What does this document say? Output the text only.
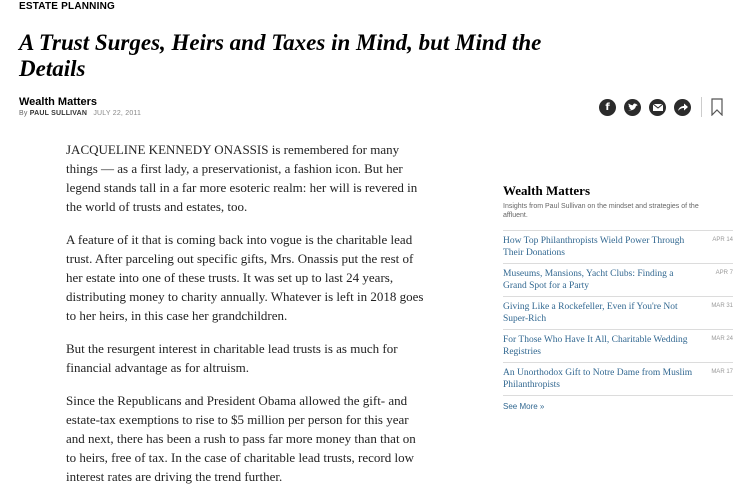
ESTATE PLANNING
A Trust Surges, Heirs and Taxes in Mind, but Mind the Details
Wealth Matters
By PAUL SULLIVAN JULY 22, 2011
f

JACQUELINE KENNEDY ONASSIS is remembered for many things — as a first lady, a preservationist, a fashion icon. But her legend stands tall in a far more esoteric realm: her will is revered in the world of trusts and estates, too.

A feature of it that is coming back into vogue is the charitable lead trust. After parceling out specific gifts, Mrs. Onassis put the rest of her estate into one of these trusts. It was set up to last 24 years, distributing money to charity annually. Whatever is left in 2018 goes to her heirs, in this case her grandchildren.

But the resurgent interest in charitable lead trusts is as much for financial advantage as for altruism.

Since the Republicans and President Obama allowed the gift- and estate-tax exemptions to rise to $5 million per person for this year and next, there has been a rush to pass far more money than that on to heirs, free of tax. In the case of charitable lead trusts, record low interest rates are driving the trend further.

Wealth Matters
Insights from Paul Sullivan on the mindset and strategies of the affluent.
How Top Philanthropists Wield Power Through Their Donations
APR 14
Museums, Mansions, Yacht Clubs: Finding a Grand Spot for a Party
APR 7
Giving Like a Rockefeller, Even if You're Not Super-Rich
MAR 31
For Those Who Have It All, Charitable Wedding Registries
MAR 24
An Unorthodox Gift to Notre Dame from Muslim Philanthropists
MAR 17
See More »
